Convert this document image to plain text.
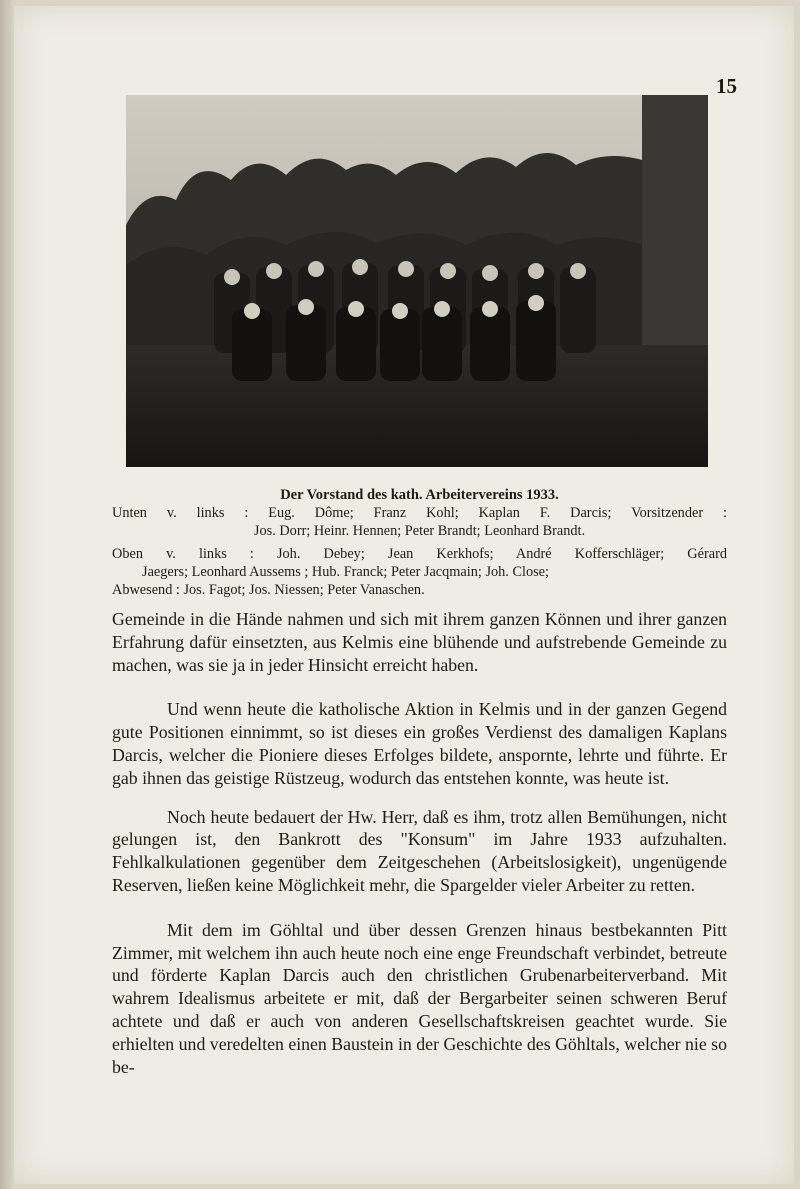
15
Der Vorstand des kath. Arbeitervereins 1933.
Unten v. links : Eug. Dôme; Franz Kohl; Kaplan F. Darcis; Vorsitzender :
Jos. Dorr; Heinr. Hennen; Peter Brandt; Leonhard Brandt.
Oben v. links : Joh. Debey; Jean Kerkhofs; André Kofferschläger; Gérard
Jaegers; Leonhard Aussems ; Hub. Franck; Peter Jacqmain; Joh. Close;
Abwesend : Jos. Fagot; Jos. Niessen; Peter Vanaschen.

Gemeinde in die Hände nahmen und sich mit ihrem ganzen Können und ihrer ganzen Erfahrung dafür einsetzten, aus Kelmis eine blühende und aufstrebende Gemeinde zu machen, was sie ja in jeder Hinsicht erreicht haben.

Und wenn heute die katholische Aktion in Kelmis und in der ganzen Gegend gute Positionen einnimmt, so ist dieses ein großes Verdienst des damaligen Kaplans Darcis, welcher die Pioniere dieses Erfolges bildete, anspornte, lehrte und führte. Er gab ihnen das geistige Rüstzeug, wodurch das entstehen konnte, was heute ist.

Noch heute bedauert der Hw. Herr, daß es ihm, trotz allen Bemühungen, nicht gelungen ist, den Bankrott des "Konsum" im Jahre 1933 aufzuhalten. Fehlkalkulationen gegenüber dem Zeitgeschehen (Arbeitslosigkeit), ungenügende Reserven, ließen keine Möglichkeit mehr, die Spargelder vieler Arbeiter zu retten.

Mit dem im Göhltal und über dessen Grenzen hinaus bestbekannten Pitt Zimmer, mit welchem ihn auch heute noch eine enge Freundschaft verbindet, betreute und förderte Kaplan Darcis auch den christlichen Grubenarbeiterverband. Mit wahrem Idealismus arbeitete er mit, daß der Bergarbeiter seinen schweren Beruf achtete und daß er auch von anderen Gesellschaftskreisen geachtet wurde. Sie erhielten und veredelten einen Baustein in der Geschichte des Göhltals, welcher nie so be-
